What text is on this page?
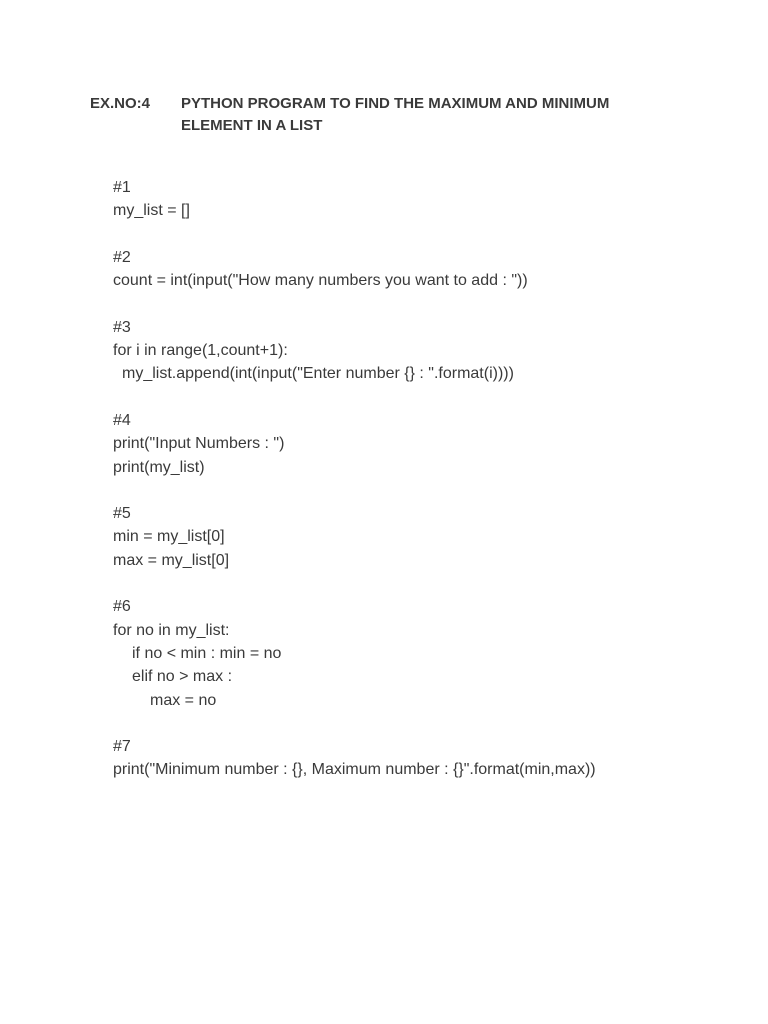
EX.NO:4 PYTHON PROGRAM TO FIND THE MAXIMUM AND MINIMUM
ELEMENT IN A LIST
#1
my_list = []
#2
count = int(input("How many numbers you want to add : "))
#3
for i in range(1,count+1):
my_list.append(int(input("Enter number {} : ".format(i))))
#4
print("Input Numbers : ")
print(my_list)
#5
min = my_list[0]
max = my_list[0]
#6
for no in my_list:
if no < min : min = no
elif no > max :
max = no
#7
print("Minimum number : {}, Maximum number : {}".format(min,max))
